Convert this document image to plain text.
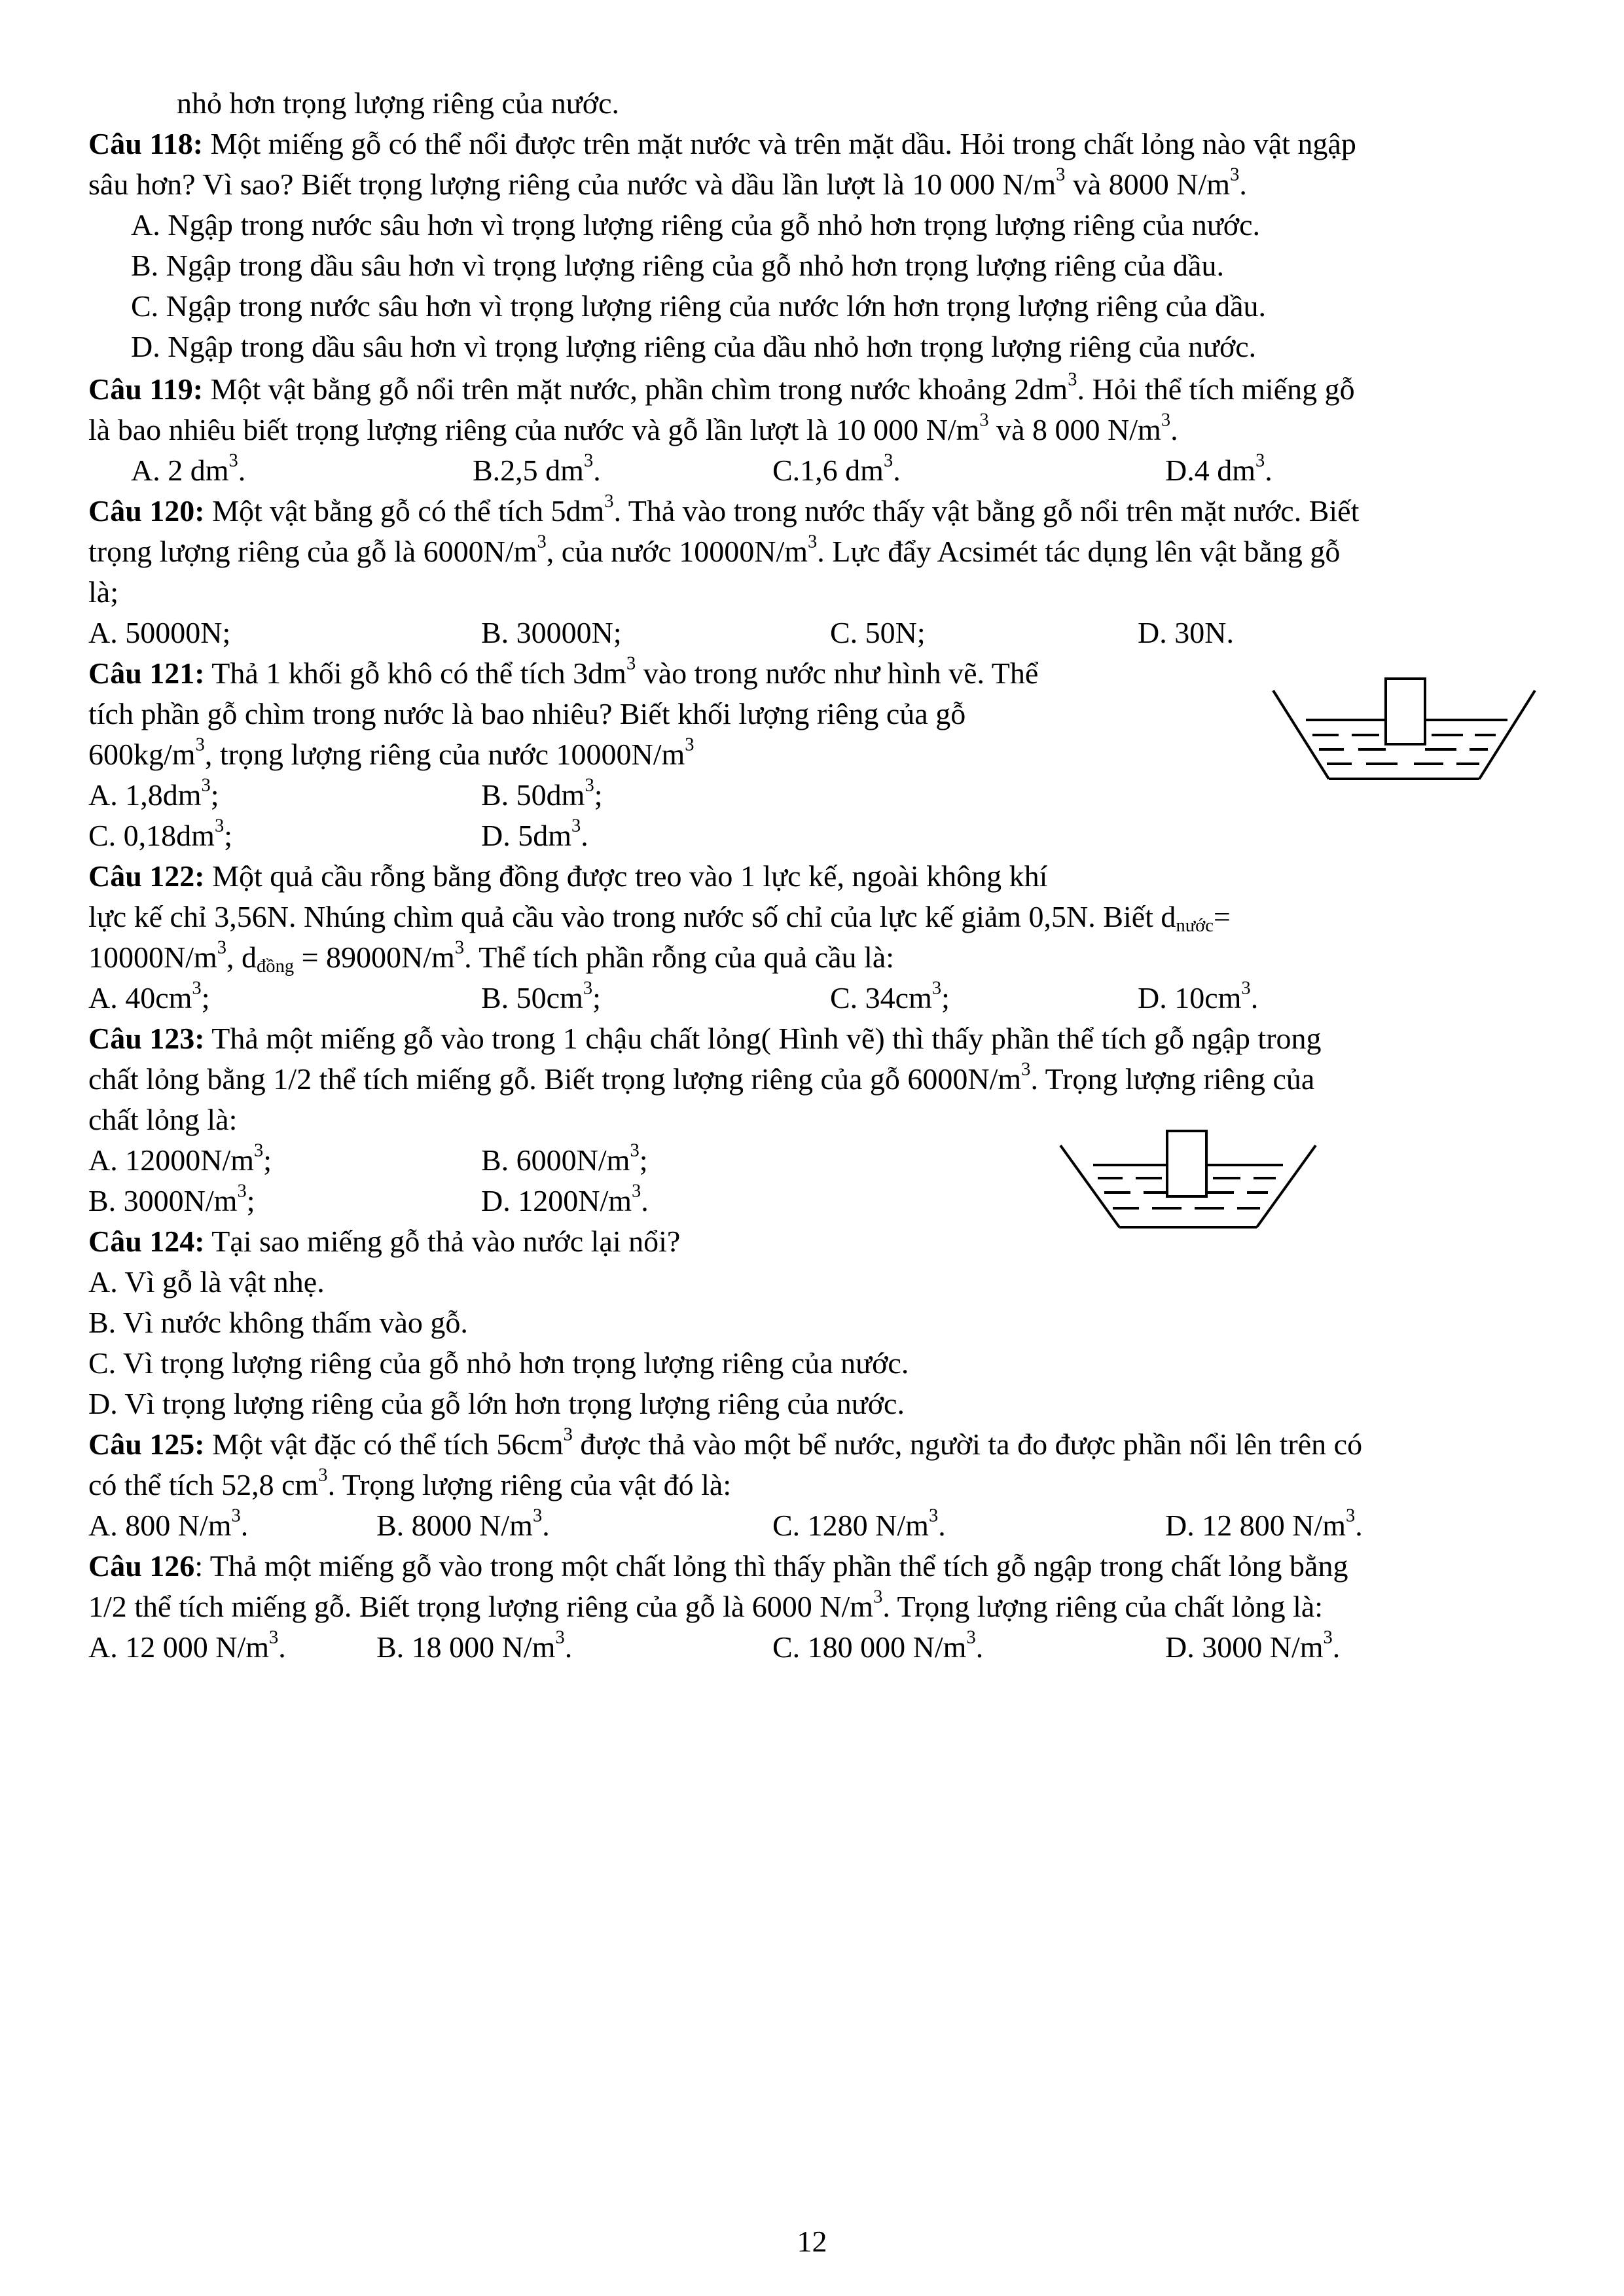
nhỏ hơn trọng lượng riêng của nước.
Câu 118: Một miếng gỗ có thể nổi được trên mặt nước và trên mặt dầu. Hỏi trong chất lỏng nào vật ngập
sâu hơn? Vì sao? Biết trọng lượng riêng của nước và dầu lần lượt là 10 000 $N/m^3$ và 8000 $N/m^3$.
A. Ngập trong nước sâu hơn vì trọng lượng riêng của gỗ nhỏ hơn trọng lượng riêng của nước.
B. Ngập trong dầu sâu hơn vì trọng lượng riêng của gỗ nhỏ hơn trọng lượng riêng của dầu.
C. Ngập trong nước sâu hơn vì trọng lượng riêng của nước lớn hơn trọng lượng riêng của dầu.
D. Ngập trong dầu sâu hơn vì trọng lượng riêng của dầu nhỏ hơn trọng lượng riêng của nước.
Câu 119: Một vật bằng gỗ nổi trên mặt nước, phần chìm trong nước khoảng $2dm^3$. Hỏi thể tích miếng gỗ
là bao nhiêu biết trọng lượng riêng của nước và gỗ lần lượt là 10 000 $N/m^3$ và 8 000 $N/m^3$.
A. 2 $dm^3$.	B.2,5 $dm^3$.	C.1,6 $dm^3$.	D.4 $dm^3$.
Câu 120: Một vật bằng gỗ có thể tích $5dm^3$. Thả vào trong nước thấy vật bằng gỗ nổi trên mặt nước. Biết
trọng lượng riêng của gỗ là $6000N/m^3$, của nước $10000N/m^3$. Lực đẩy Acsimét tác dụng lên vật bằng gỗ
là;
A. 50000N;	B. 30000N;	C. 50N;	D. 30N.
Câu 121: Thả 1 khối gỗ khô có thể tích $3dm^3$ vào trong nước như hình vẽ. Thể
tích phần gỗ chìm trong nước là bao nhiêu? Biết khối lượng riêng của gỗ
$600kg/m^3$, trọng lượng riêng của nước $10000N/m^3$
A. $1,8dm^3$;	B. $50dm^3$;
C. $0,18dm^3$;	D. $5dm^3$.
Câu 122: Một quả cầu rỗng bằng đồng được treo vào 1 lực kế, ngoài không khí
lực kế chỉ 3,56N. Nhúng chìm quả cầu vào trong nước số chỉ của lực kế giảm 0,5N. Biết $d_{nước}=$
$10000N/m^3$, $d_{đồng} = 89000N/m^3$. Thể tích phần rỗng của quả cầu là:
A. $40cm^3$;	B. $50cm^3$;	C. $34cm^3$;	D. $10cm^3$.
Câu 123: Thả một miếng gỗ vào trong 1 chậu chất lỏng( Hình vẽ) thì thấy phần thể tích gỗ ngập trong
chất lỏng bằng 1/2 thể tích miếng gỗ. Biết trọng lượng riêng của gỗ $6000N/m^3$. Trọng lượng riêng của
chất lỏng là:
A. $12000N/m^3$;	B. $6000N/m^3$;
B. $3000N/m^3$;	D. $1200N/m^3$.
Câu 124: Tại sao miếng gỗ thả vào nước lại nổi?
A. Vì gỗ là vật nhẹ.
B. Vì nước không thấm vào gỗ.
C. Vì trọng lượng riêng của gỗ nhỏ hơn trọng lượng riêng của nước.
D. Vì trọng lượng riêng của gỗ lớn hơn trọng lượng riêng của nước.
Câu 125: Một vật đặc có thể tích $56cm^3$ được thả vào một bể nước, người ta đo được phần nổi lên trên có
có thể tích 52,8 $cm^3$. Trọng lượng riêng của vật đó là:
A. 800 $N/m^3$.	B. 8000 $N/m^3$.	C. 1280 $N/m^3$.	D. 12 800 $N/m^3$.
Câu 126: Thả một miếng gỗ vào trong một chất lỏng thì thấy phần thể tích gỗ ngập trong chất lỏng bằng
1/2 thể tích miếng gỗ. Biết trọng lượng riêng của gỗ là 6000 $N/m^3$. Trọng lượng riêng của chất lỏng là:
A. 12 000 $N/m^3$.	B. 18 000 $N/m^3$.	C. 180 000 $N/m^3$.	D. 3000 $N/m^3$.
12
